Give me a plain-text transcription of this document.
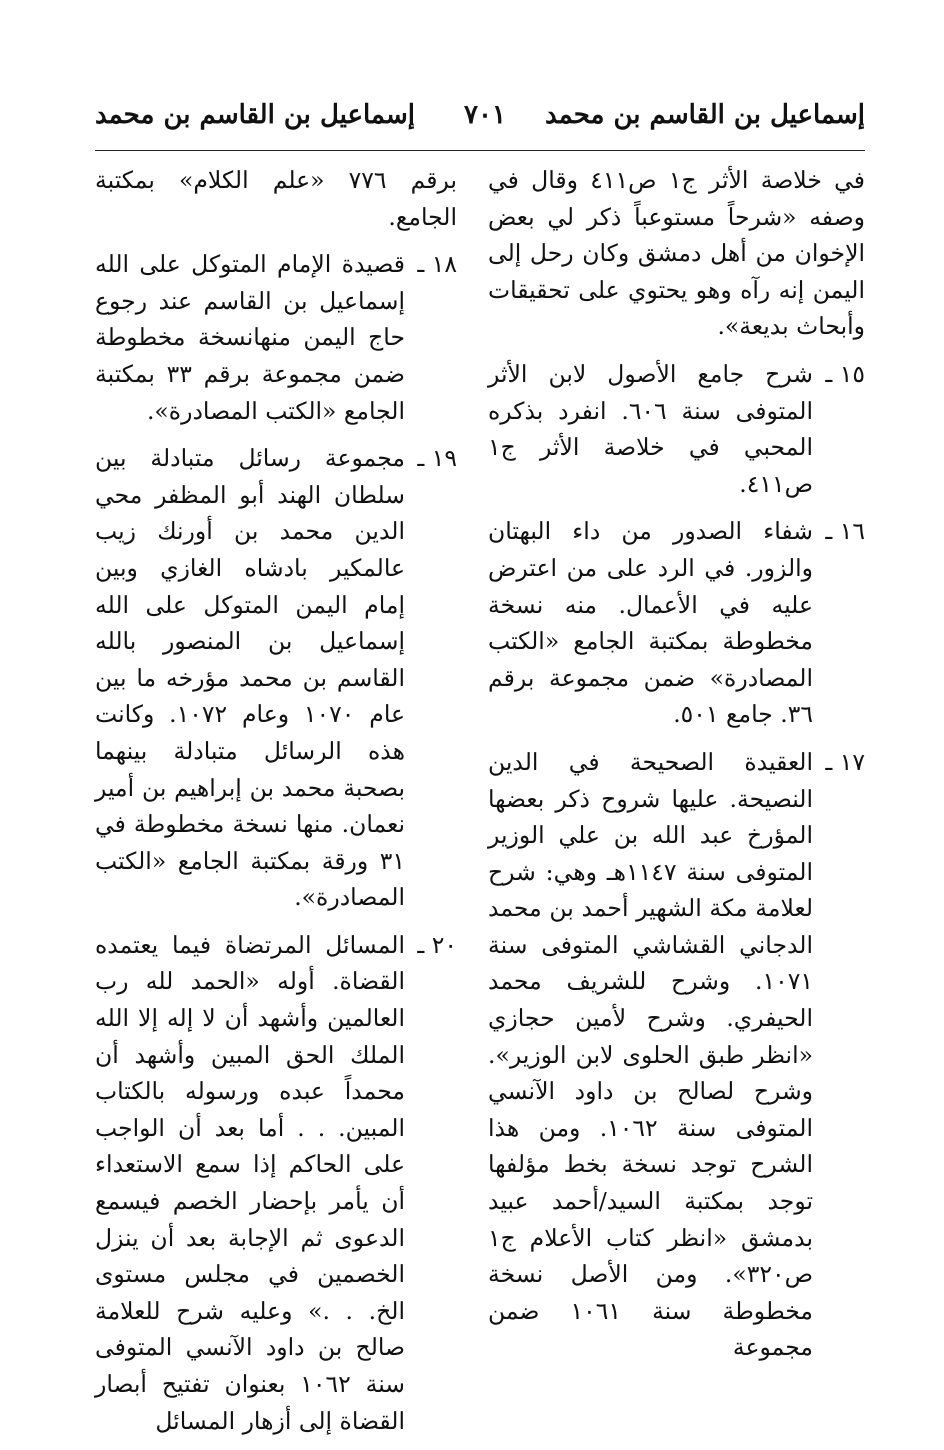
إسماعيل بن القاسم بن محمد
٧٠١
إسماعيل بن القاسم بن محمد

في خلاصة الأثر ج١ ص٤١١ وقال في وصفه «شرحاً مستوعباً ذكر لي بعض الإخوان من أهل دمشق وكان رحل إلى اليمن إنه رآه وهو يحتوي على تحقيقات وأبحاث بديعة».

١٥ ـ
شرح جامع الأصول لابن الأثر المتوفى سنة ٦٠٦. انفرد بذكره المحبي في خلاصة الأثر ج١ ص٤١١.
١٦ ـ
شفاء الصدور من داء البهتان والزور. في الرد على من اعترض عليه في الأعمال. منه نسخة مخطوطة بمكتبة الجامع «الكتب المصادرة» ضمن مجموعة برقم ٣٦. جامع ٥٠١.
١٧ ـ
العقيدة الصحيحة في الدين النصيحة. عليها شروح ذكر بعضها المؤرخ عبد الله بن علي الوزير المتوفى سنة ١١٤٧هـ وهي: شرح لعلامة مكة الشهير أحمد بن محمد الدجاني القشاشي المتوفى سنة ١٠٧١. وشرح للشريف محمد الحيفري. وشرح لأمين حجازي «انظر طبق الحلوى لابن الوزير». وشرح لصالح بن داود الآنسي المتوفى سنة ١٠٦٢. ومن هذا الشرح توجد نسخة بخط مؤلفها توجد بمكتبة السيد/أحمد عبيد بدمشق «انظر كتاب الأعلام ج١ ص٣٢٠». ومن الأصل نسخة مخطوطة سنة ١٠٦١ ضمن مجموعة

برقم ٧٧٦ «علم الكلام» بمكتبة الجامع.

١٨ ـ
قصيدة الإمام المتوكل على الله إسماعيل بن القاسم عند رجوع حاج اليمن منهانسخة مخطوطة ضمن مجموعة برقم ٣٣ بمكتبة الجامع «الكتب المصادرة».
١٩ ـ
مجموعة رسائل متبادلة بين سلطان الهند أبو المظفر محي الدين محمد بن أورنك زيب عالمكير بادشاه الغازي وبين إمام اليمن المتوكل على الله إسماعيل بن المنصور بالله القاسم بن محمد مؤرخه ما بين عام ١٠٧٠ وعام ١٠٧٢. وكانت هذه الرسائل متبادلة بينهما بصحبة محمد بن إبراهيم بن أمير نعمان. منها نسخة مخطوطة في ٣١ ورقة بمكتبة الجامع «الكتب المصادرة».
٢٠ ـ
المسائل المرتضاة فيما يعتمده القضاة. أوله «الحمد لله رب العالمين وأشهد أن لا إله إلا الله الملك الحق المبين وأشهد أن محمداً عبده ورسوله بالكتاب المبين. . . أما بعد أن الواجب على الحاكم إذا سمع الاستعداء أن يأمر بإحضار الخصم فيسمع الدعوى ثم الإجابة بعد أن ينزل الخصمين في مجلس مستوى الخ. . .» وعليه شرح للعلامة صالح بن داود الآنسي المتوفى سنة ١٠٦٢ بعنوان تفتيح أبصار القضاة إلى أزهار المسائل
